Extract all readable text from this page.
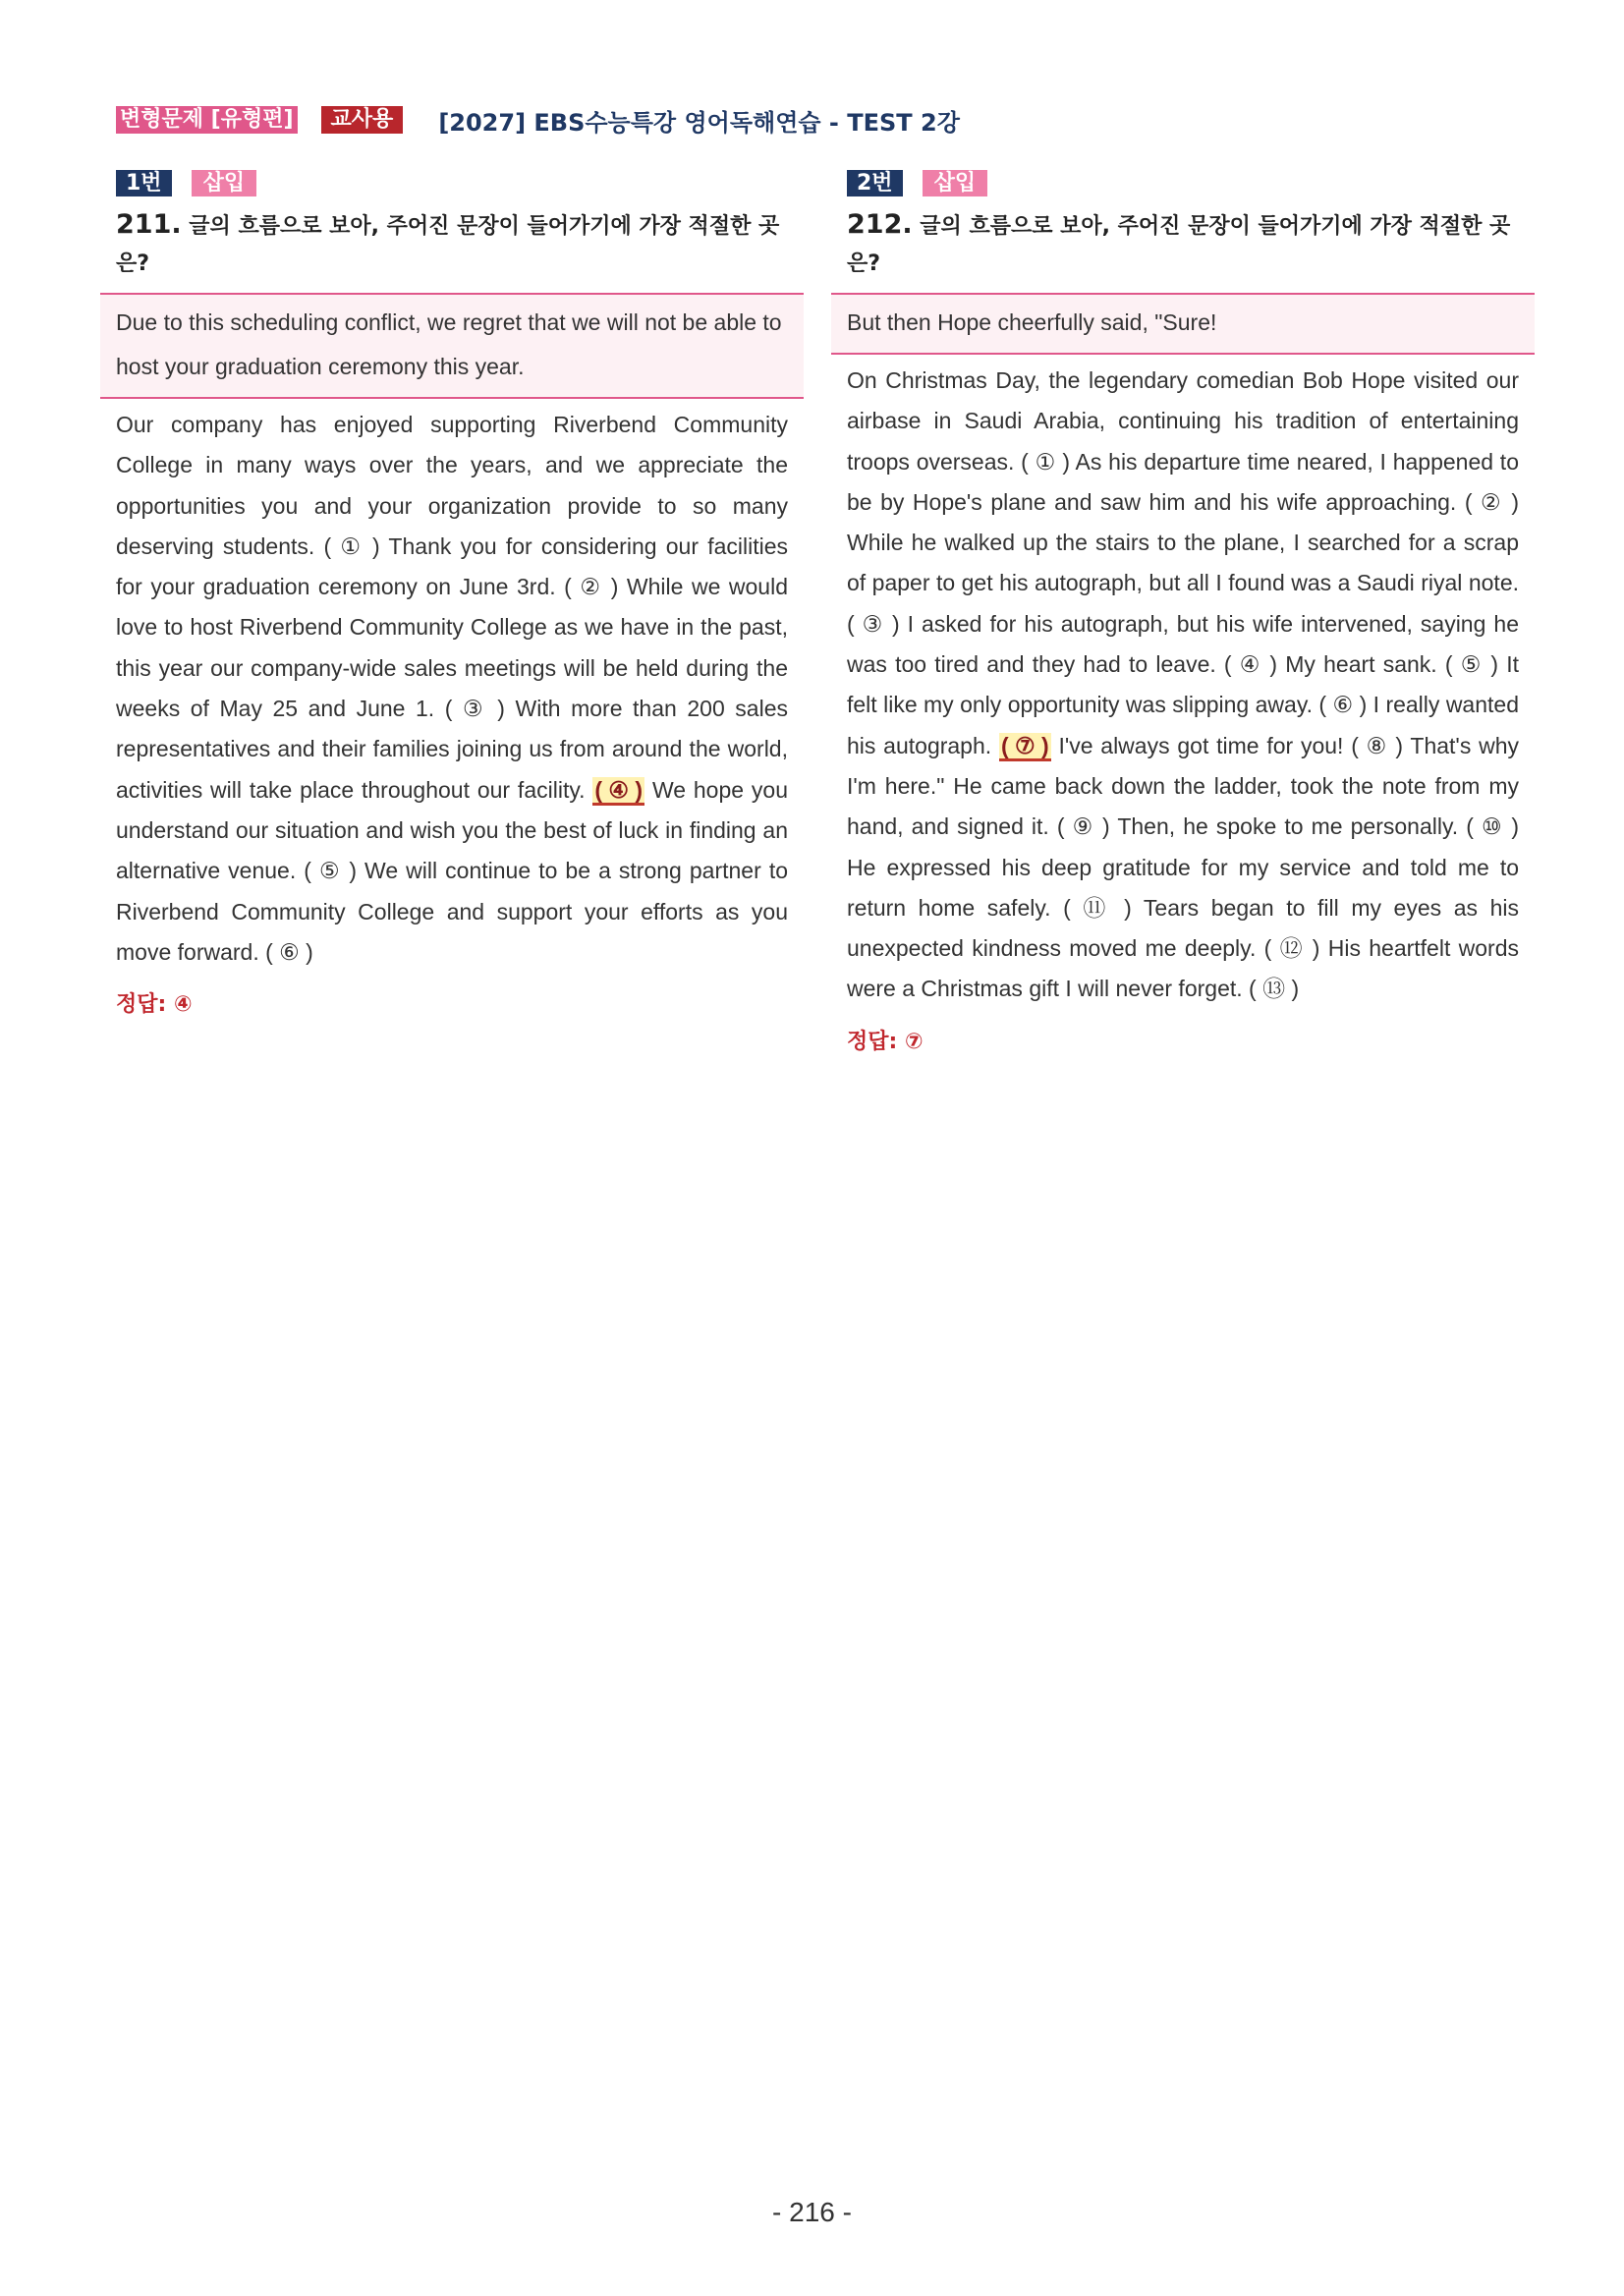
변형문제 [유형편]	교사용	[2027] EBS수능특강 영어독해연습 - TEST 2강
1번	삽입
211. 글의 흐름으로 보아, 주어진 문장이 들어가기에 가장 적절한 곳은?
Due to this scheduling conflict, we regret that we will not be able to host your graduation ceremony this year.
Our company has enjoyed supporting Riverbend Community College in many ways over the years, and we appreciate the opportunities you and your organization provide to so many deserving students. ( ① ) Thank you for considering our facilities for your graduation ceremony on June 3rd. ( ② ) While we would love to host Riverbend Community College as we have in the past, this year our company-wide sales meetings will be held during the weeks of May 25 and June 1. ( ③ ) With more than 200 sales representatives and their families joining us from around the world, activities will take place throughout our facility. ( ④ ) We hope you understand our situation and wish you the best of luck in finding an alternative venue. ( ⑤ ) We will continue to be a strong partner to Riverbend Community College and support your efforts as you move forward. ( ⑥ )
정답: ④
2번	삽입
212. 글의 흐름으로 보아, 주어진 문장이 들어가기에 가장 적절한 곳은?
But then Hope cheerfully said, "Sure!
On Christmas Day, the legendary comedian Bob Hope visited our airbase in Saudi Arabia, continuing his tradition of entertaining troops overseas. ( ① ) As his departure time neared, I happened to be by Hope's plane and saw him and his wife approaching. ( ② ) While he walked up the stairs to the plane, I searched for a scrap of paper to get his autograph, but all I found was a Saudi riyal note. ( ③ ) I asked for his autograph, but his wife intervened, saying he was too tired and they had to leave. ( ④ ) My heart sank. ( ⑤ ) It felt like my only opportunity was slipping away. ( ⑥ ) I really wanted his autograph. ( ⑦ ) I've always got time for you! ( ⑧ ) That's why I'm here." He came back down the ladder, took the note from my hand, and signed it. ( ⑨ ) Then, he spoke to me personally. ( ⑩ ) He expressed his deep gratitude for my service and told me to return home safely. ( ⑪ ) Tears began to fill my eyes as his unexpected kindness moved me deeply. ( ⑫ ) His heartfelt words were a Christmas gift I will never forget. ( ⑬ )
정답: ⑦
- 216 -
